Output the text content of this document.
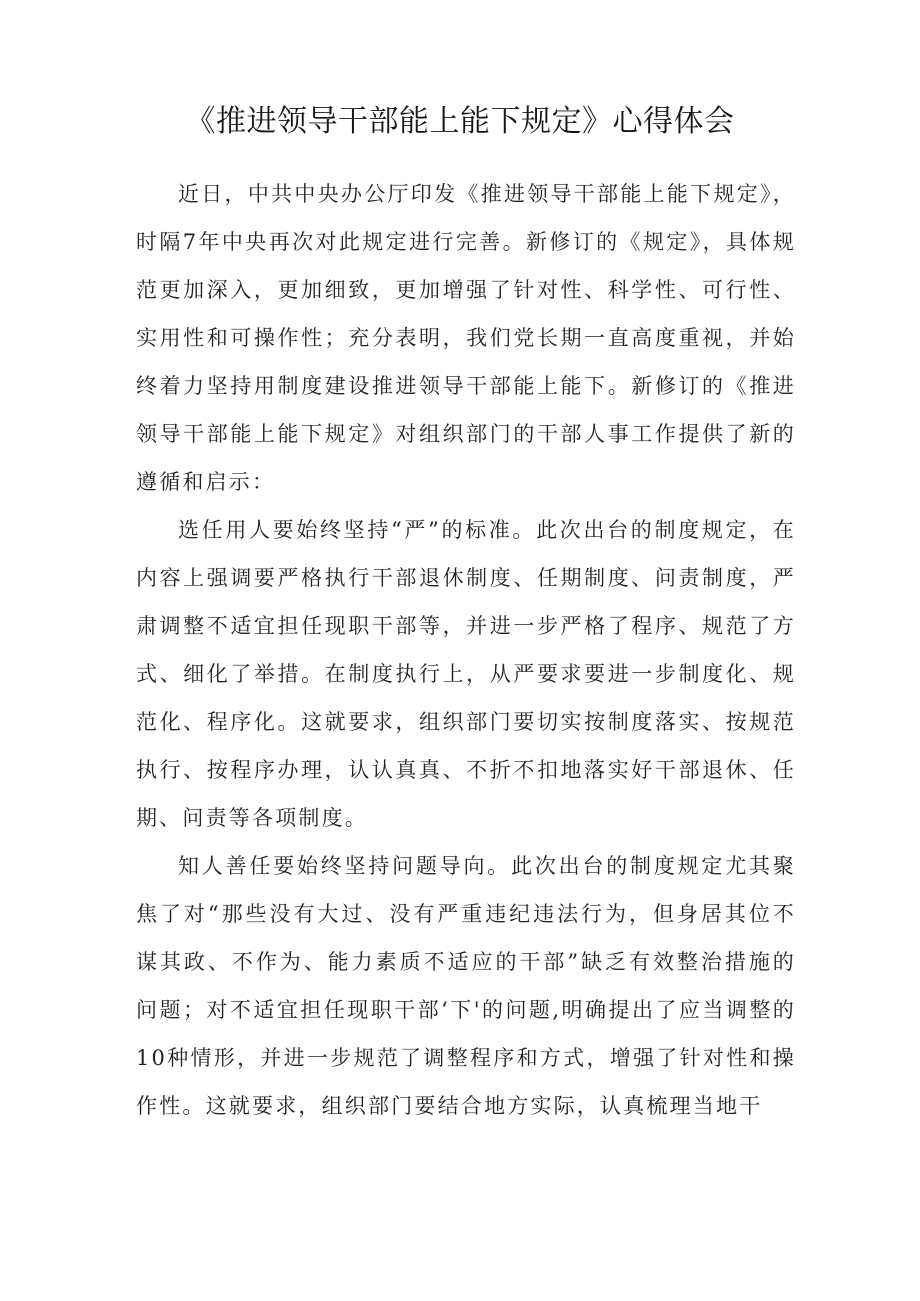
《推进领导干部能上能下规定》心得体会

近日，中共中央办公厅印发《推进领导干部能上能下规定》，时隔7年中央再次对此规定进行完善。新修订的《规定》，具体规范更加深入，更加细致，更加增强了针对性、科学性、可行性、实用性和可操作性；充分表明，我们党长期一直高度重视，并始终着力坚持用制度建设推进领导干部能上能下。新修订的《推进领导干部能上能下规定》对组织部门的干部人事工作提供了新的遵循和启示：

选任用人要始终坚持“严”的标准。此次出台的制度规定，在内容上强调要严格执行干部退休制度、任期制度、问责制度，严肃调整不适宜担任现职干部等，并进一步严格了程序、规范了方式、细化了举措。在制度执行上，从严要求要进一步制度化、规范化、程序化。这就要求，组织部门要切实按制度落实、按规范执行、按程序办理，认认真真、不折不扣地落实好干部退休、任期、问责等各项制度。

知人善任要始终坚持问题导向。此次出台的制度规定尤其聚焦了对“那些没有大过、没有严重违纪违法行为，但身居其位不谋其政、不作为、能力素质不适应的干部”缺乏有效整治措施的问题；对不适宜担任现职干部‘下'的问题,明确提出了应当调整的10种情形，并进一步规范了调整程序和方式，增强了针对性和操作性。这就要求，组织部门要结合地方实际，认真梳理当地干
